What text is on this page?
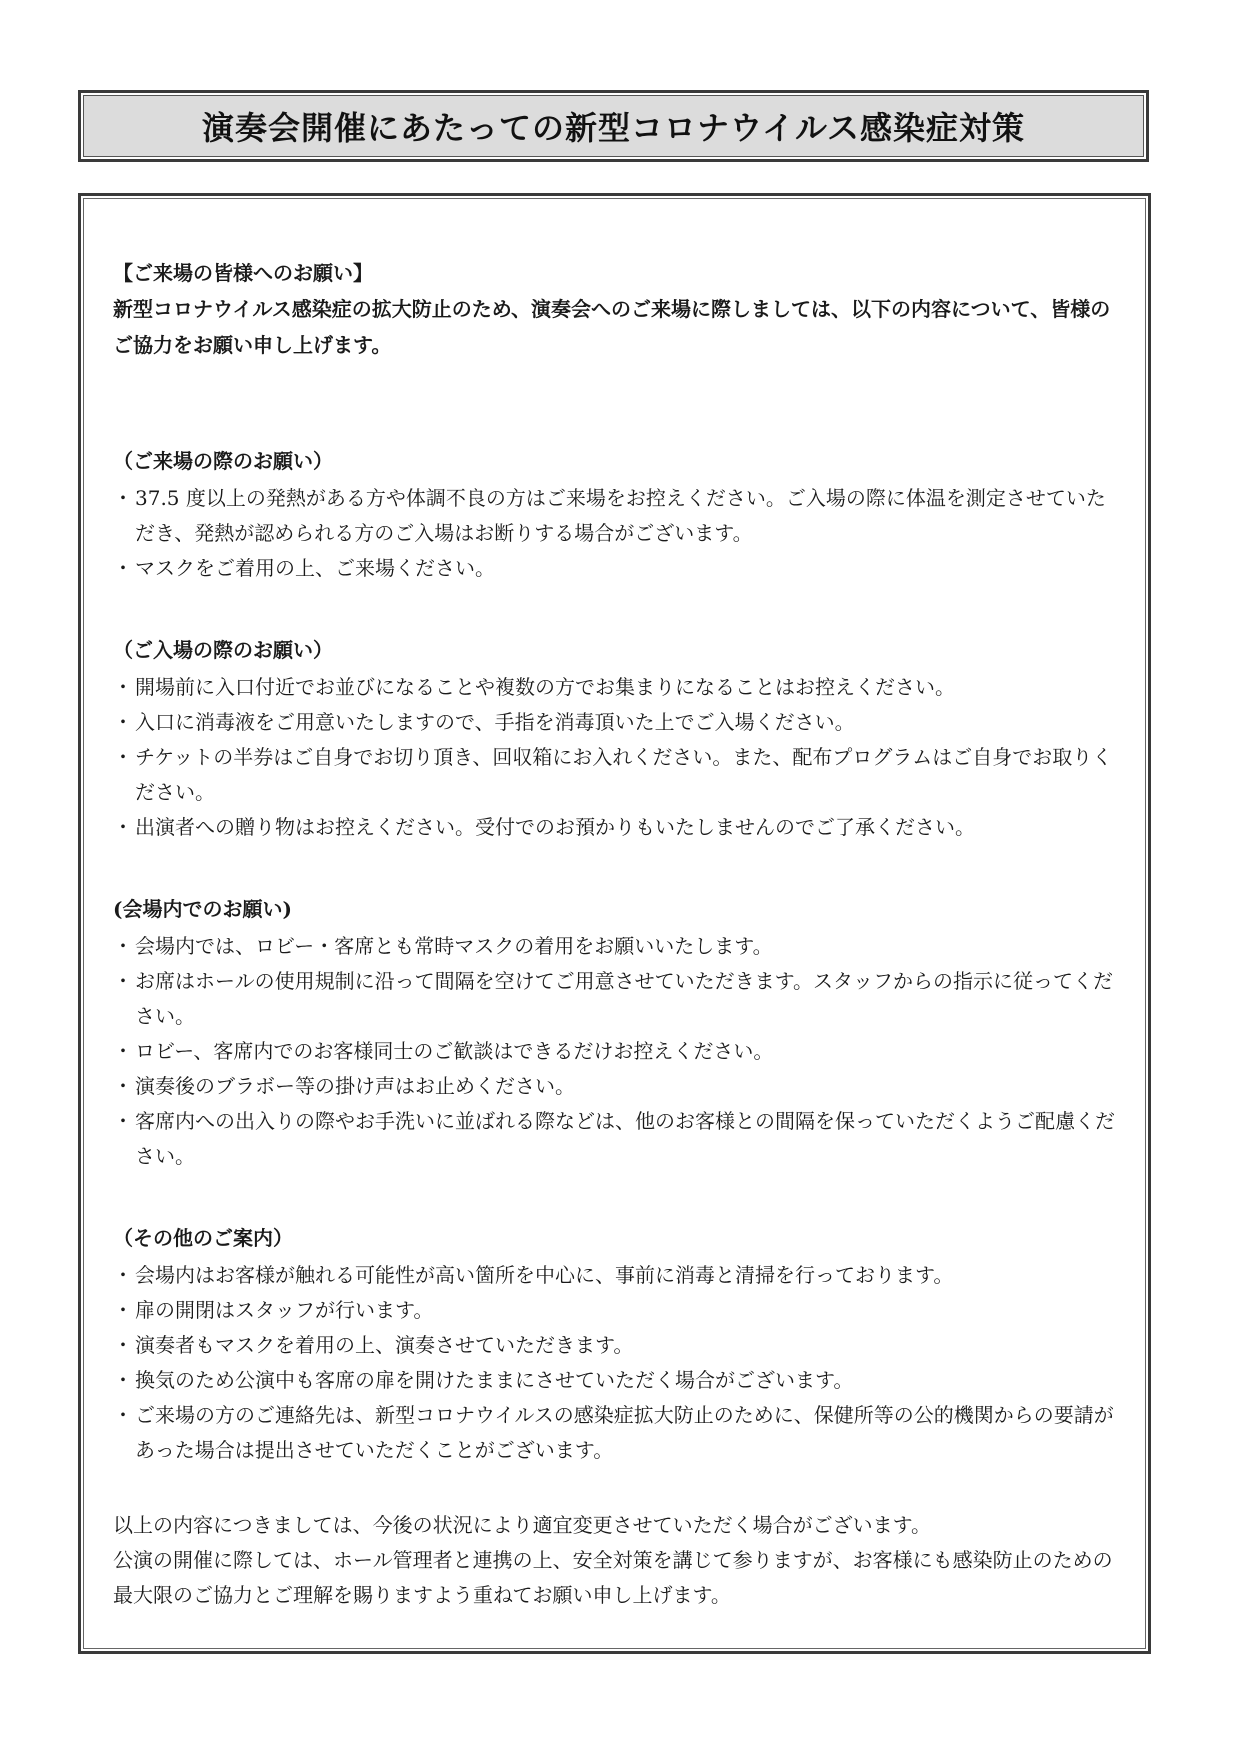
演奏会開催にあたっての新型コロナウイルス感染症対策

【ご来場の皆様へのお願い】

新型コロナウイルス感染症の拡大防止のため、演奏会へのご来場に際しましては、以下の内容について、皆様のご協力をお願い申し上げます。

（ご来場の際のお願い）

・ 37.5 度以上の発熱がある方や体調不良の方はご来場をお控えください。ご入場の際に体温を測定させていただき、発熱が認められる方のご入場はお断りする場合がございます。
・ マスクをご着用の上、ご来場ください。

（ご入場の際のお願い）

・ 開場前に入口付近でお並びになることや複数の方でお集まりになることはお控えください。
・ 入口に消毒液をご用意いたしますので、手指を消毒頂いた上でご入場ください。
・ チケットの半券はご自身でお切り頂き、回収箱にお入れください。また、配布プログラムはご自身でお取りください。
・ 出演者への贈り物はお控えください。受付でのお預かりもいたしませんのでご了承ください。

(会場内でのお願い)

・ 会場内では、ロビー・客席とも常時マスクの着用をお願いいたします。
・ お席はホールの使用規制に沿って間隔を空けてご用意させていただきます。スタッフからの指示に従ってください。
・ ロビー、客席内でのお客様同士のご歓談はできるだけお控えください。
・ 演奏後のブラボー等の掛け声はお止めください。
・ 客席内への出入りの際やお手洗いに並ばれる際などは、他のお客様との間隔を保っていただくようご配慮ください。

（その他のご案内）

・ 会場内はお客様が触れる可能性が高い箇所を中心に、事前に消毒と清掃を行っております。
・ 扉の開閉はスタッフが行います。
・ 演奏者もマスクを着用の上、演奏させていただきます。
・ 換気のため公演中も客席の扉を開けたままにさせていただく場合がございます。
・ ご来場の方のご連絡先は、新型コロナウイルスの感染症拡大防止のために、保健所等の公的機関からの要請があった場合は提出させていただくことがございます。

以上の内容につきましては、今後の状況により適宜変更させていただく場合がございます。

公演の開催に際しては、ホール管理者と連携の上、安全対策を講じて参りますが、お客様にも感染防止のための最大限のご協力とご理解を賜りますよう重ねてお願い申し上げます。
